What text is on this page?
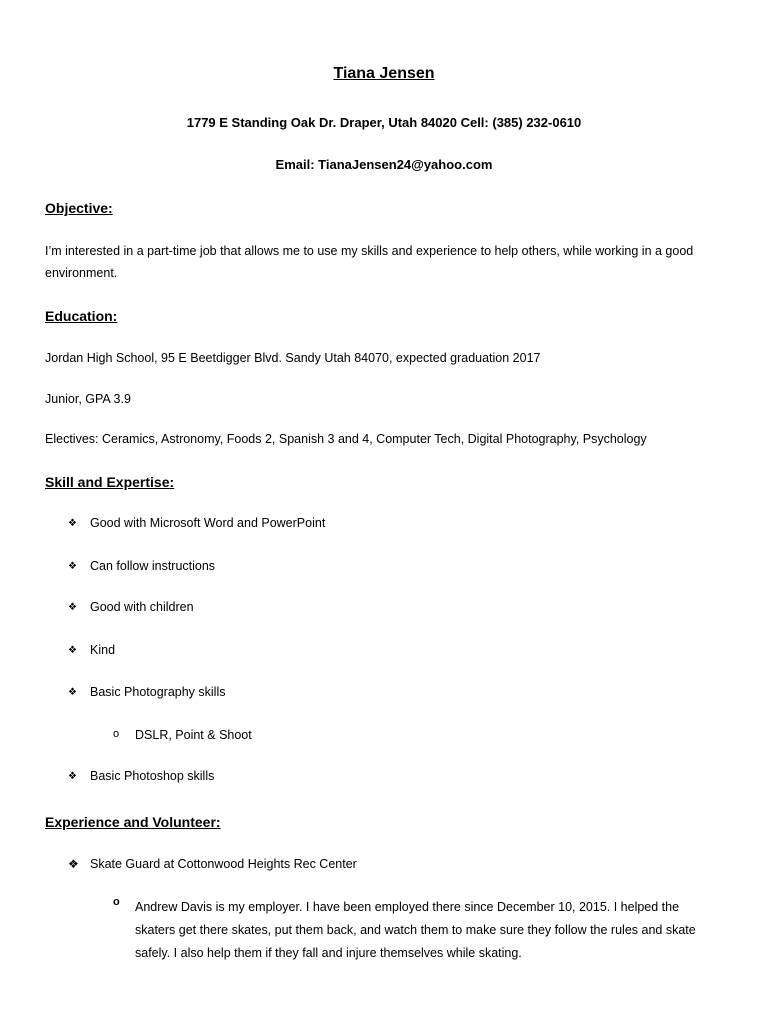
Tiana Jensen
1779 E Standing Oak Dr. Draper, Utah 84020 Cell: (385) 232-0610
Email: TianaJensen24@yahoo.com
Objective:
I’m interested in a part-time job that allows me to use my skills and experience to help others, while working in a good environment.
Education:
Jordan High School, 95 E Beetdigger Blvd. Sandy Utah 84070, expected graduation 2017
Junior, GPA 3.9
Electives: Ceramics, Astronomy, Foods 2, Spanish 3 and 4, Computer Tech, Digital Photography, Psychology
Skill and Expertise:
❖	Good with Microsoft Word and PowerPoint
❖	Can follow instructions
❖	Good with children
❖	Kind
❖	Basic Photography skills
o	DSLR, Point & Shoot
❖	Basic Photoshop skills
Experience and Volunteer:
❖ Skate Guard at Cottonwood Heights Rec Center
o	Andrew Davis is my employer. I have been employed there since December 10, 2015. I helped the skaters get there skates, put them back, and watch them to make sure they follow the rules and skate safely. I also help them if they fall and injure themselves while skating.
